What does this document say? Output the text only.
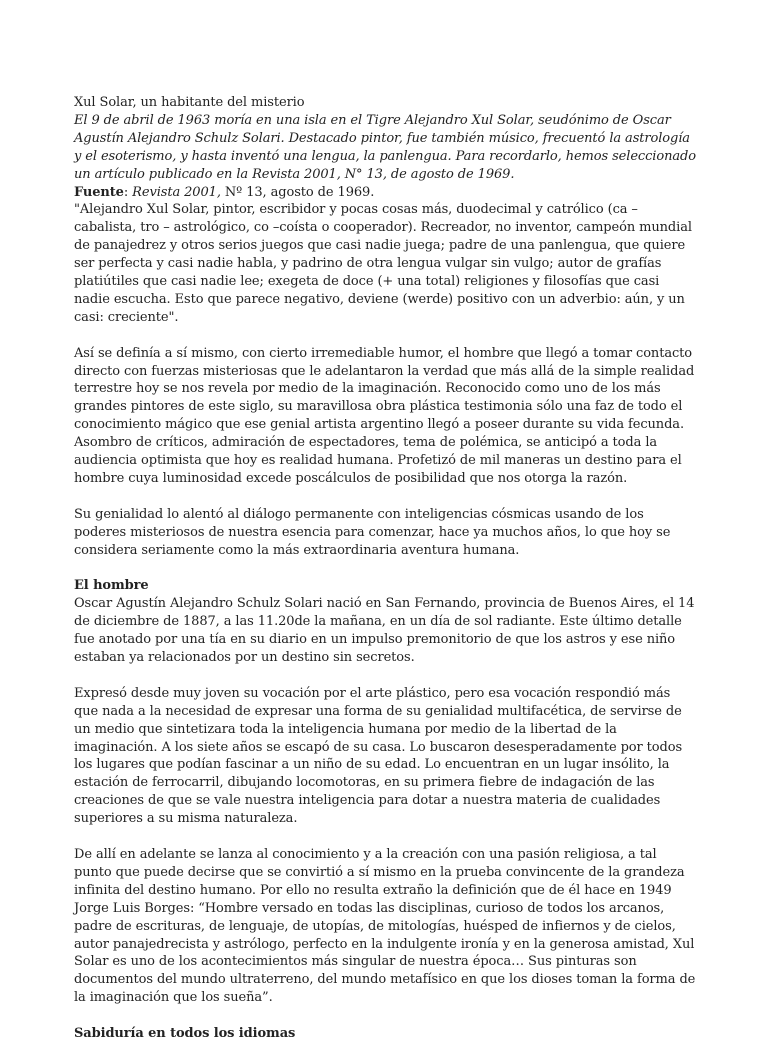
Xul Solar, un habitante del misterio

El 9 de abril de 1963 moría en una isla en el Tigre Alejandro Xul Solar, seudónimo de Oscar Agustín Alejandro Schulz Solari. Destacado pintor, fue también músico, frecuentó la astrología y el esoterismo, y hasta inventó una lengua, la panlengua. Para recordarlo, hemos seleccionado un artículo publicado en la Revista 2001, N° 13, de agosto de 1969.

Fuente: Revista 2001, Nº 13, agosto de 1969.

"Alejandro Xul Solar, pintor, escribidor y pocas cosas más, duodecimal y catrólico (ca –cabalista, tro – astrológico, co –coísta o cooperador). Recreador, no inventor, campeón mundial de panajedrez y otros serios juegos que casi nadie juega; padre de una panlengua, que quiere ser perfecta y casi nadie habla, y padrino de otra lengua vulgar sin vulgo; autor de grafías platiútiles que casi nadie lee; exegeta de doce (+ una total) religiones y filosofías que casi nadie escucha. Esto que parece negativo, deviene (werde) positivo con un adverbio: aún, y un casi: creciente".

Así se definía a sí mismo, con cierto irremediable humor, el hombre que llegó a tomar contacto directo con fuerzas misteriosas que le adelantaron la verdad que más allá de la simple realidad terrestre hoy se nos revela por medio de la imaginación. Reconocido como uno de los más grandes pintores de este siglo, su maravillosa obra plástica testimonia sólo una faz de todo el conocimiento mágico que ese genial artista argentino llegó a poseer durante su vida fecunda. Asombro de críticos, admiración de espectadores, tema de polémica, se anticipó a toda la audiencia optimista que hoy es realidad humana. Profetizó de mil maneras un destino para el hombre cuya luminosidad excede poscálculos de posibilidad que nos otorga la razón.

Su genialidad lo alentó al diálogo permanente con inteligencias cósmicas usando de los poderes misteriosos de nuestra esencia para comenzar, hace ya muchos años, lo que hoy se considera seriamente como la más extraordinaria aventura humana.

El hombre

Oscar Agustín Alejandro Schulz Solari nació en San Fernando, provincia de Buenos Aires, el 14 de diciembre de 1887, a las 11.20de la mañana, en un día de sol radiante. Este último detalle fue anotado por una tía en su diario en un impulso premonitorio de que los astros y ese niño estaban ya relacionados por un destino sin secretos.

Expresó desde muy joven su vocación por el arte plástico, pero esa vocación respondió más que nada a la necesidad de expresar una forma de su genialidad multifacética, de servirse de un medio que sintetizara toda la inteligencia humana por medio de la libertad de la imaginación. A los siete años se escapó de su casa. Lo buscaron desesperadamente por todos los lugares que podían fascinar a un niño de su edad. Lo encuentran en un lugar insólito, la estación de ferrocarril, dibujando locomotoras, en su primera fiebre de indagación de las creaciones de que se vale nuestra inteligencia para dotar a nuestra materia de cualidades superiores a su misma naturaleza.

De allí en adelante se lanza al conocimiento y a la creación con una pasión religiosa, a tal punto que puede decirse que se convirtió a sí mismo en la prueba convincente de la grandeza infinita del destino humano. Por ello no resulta extraño la definición que de él hace en 1949 Jorge Luis Borges: “Hombre versado en todas las disciplinas, curioso de todos los arcanos, padre de escrituras, de lenguaje, de utopías, de mitologías, huésped de infiernos y de cielos, autor panajedrecista y astrólogo, perfecto en la indulgente ironía y en la generosa amistad, Xul Solar es uno de los acontecimientos más singular de nuestra época… Sus pinturas son documentos del mundo ultraterreno, del mundo metafísico en que los dioses toman la forma de la imaginación que los sueña”.

Sabiduría en todos los idiomas
